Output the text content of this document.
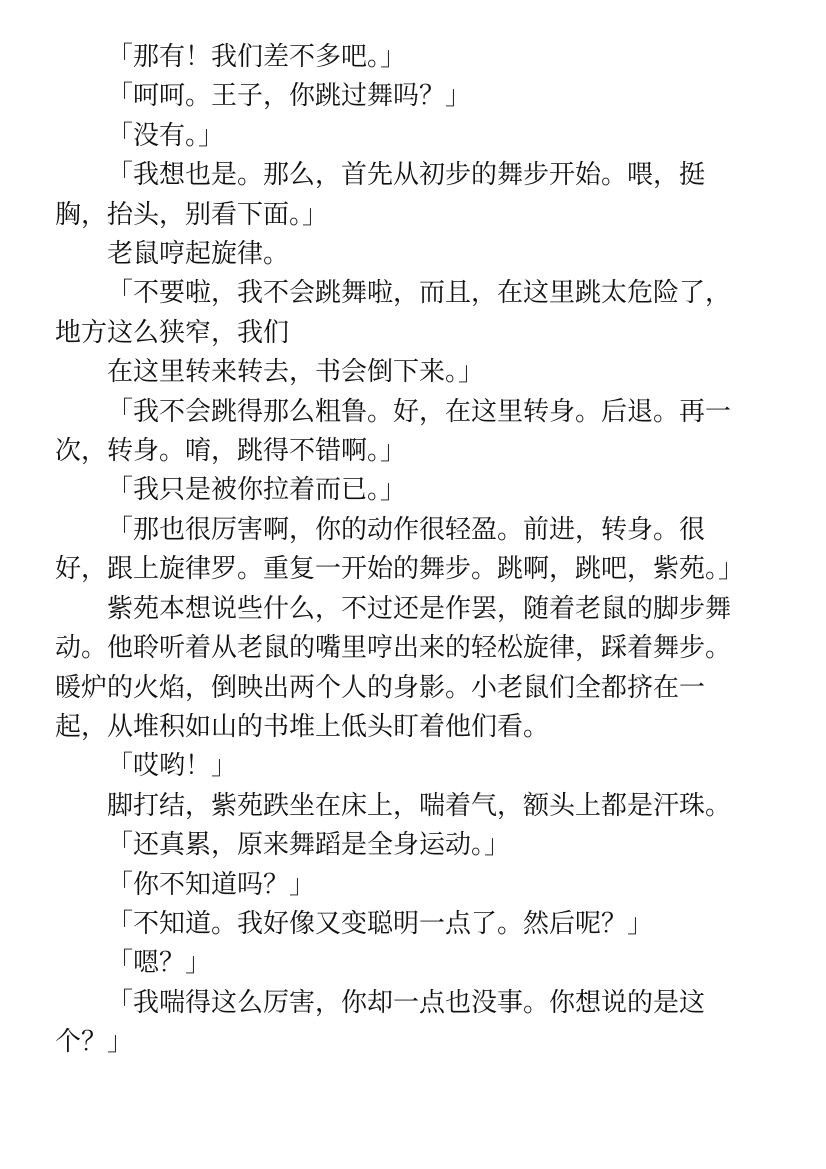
「那有！我们差不多吧。」

「呵呵。王子，你跳过舞吗？」

「没有。」

「我想也是。那么，首先从初步的舞步开始。喂，挺胸，抬头，别看下面。」

老鼠哼起旋律。

「不要啦，我不会跳舞啦，而且，在这里跳太危险了，地方这么狭窄，我们

在这里转来转去，书会倒下来。」

「我不会跳得那么粗鲁。好，在这里转身。后退。再一次，转身。唷，跳得不错啊。」

「我只是被你拉着而已。」

「那也很厉害啊，你的动作很轻盈。前进，转身。很好，跟上旋律罗。重复一开始的舞步。跳啊，跳吧，紫苑。」

紫苑本想说些什么，不过还是作罢，随着老鼠的脚步舞动。他聆听着从老鼠的嘴里哼出来的轻松旋律，踩着舞步。暖炉的火焰，倒映出两个人的身影。小老鼠们全都挤在一起，从堆积如山的书堆上低头盯着他们看。

「哎哟！」

脚打结，紫苑跌坐在床上，喘着气，额头上都是汗珠。

「还真累，原来舞蹈是全身运动。」

「你不知道吗？」

「不知道。我好像又变聪明一点了。然后呢？」

「嗯？」

「我喘得这么厉害，你却一点也没事。你想说的是这个？」
